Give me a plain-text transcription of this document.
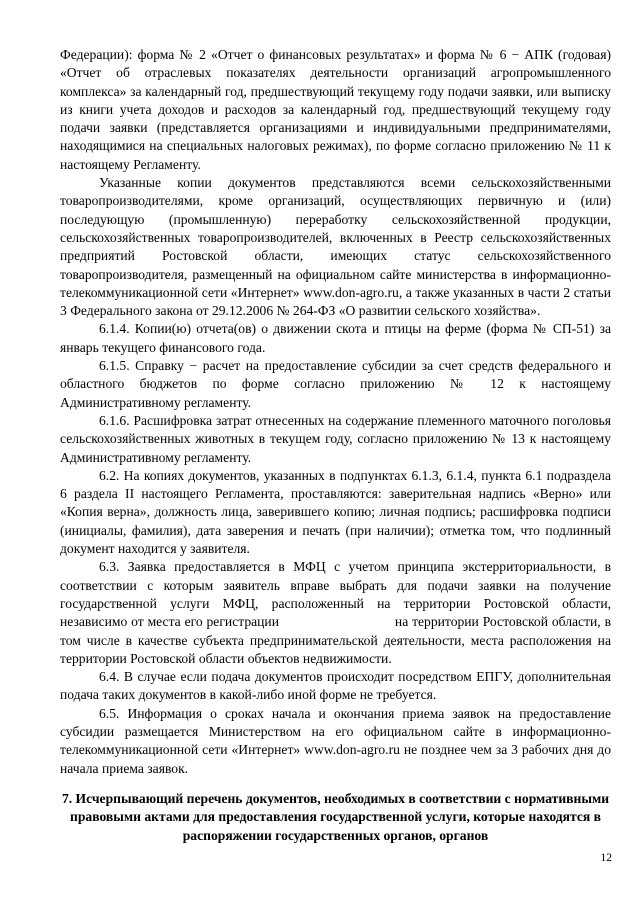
Федерации): форма № 2 «Отчет о финансовых результатах» и форма № 6 − АПК (годовая) «Отчет об отраслевых показателях деятельности организаций агропромышленного комплекса» за календарный год, предшествующий текущему году подачи заявки, или выписку из книги учета доходов и расходов за календарный год, предшествующий текущему году подачи заявки (представляется организациями и индивидуальными предпринимателями, находящимися на специальных налоговых режимах), по форме согласно приложению № 11 к настоящему Регламенту.

Указанные копии документов представляются всеми сельскохозяйственными товаропроизводителями, кроме организаций, осуществляющих первичную и (или) последующую (промышленную) переработку сельскохозяйственной продукции, сельскохозяйственных товаропроизводителей, включенных в Реестр сельскохозяйственных предприятий Ростовской области, имеющих статус сельскохозяйственного товаропроизводителя, размещенный на официальном сайте министерства в информационно-телекоммуникационной сети «Интернет» www.don-agro.ru, а также указанных в части 2 статьи 3 Федерального закона от 29.12.2006 № 264-ФЗ «О развитии сельского хозяйства».

6.1.4. Копии(ю) отчета(ов) о движении скота и птицы на ферме (форма № СП-51) за январь текущего финансового года.

6.1.5. Справку − расчет на предоставление субсидии за счет средств федерального и областного бюджетов по форме согласно приложению № 12 к настоящему Административному регламенту.

6.1.6. Расшифровка затрат отнесенных на содержание племенного маточного поголовья сельскохозяйственных животных в текущем году, согласно приложению № 13 к настоящему Административному регламенту.

6.2. На копиях документов, указанных в подпунктах 6.1.3, 6.1.4, пункта 6.1 подраздела 6 раздела II настоящего Регламента, проставляются: заверительная надпись «Верно» или «Копия верна», должность лица, заверившего копию; личная подпись; расшифровка подписи (инициалы, фамилия), дата заверения и печать (при наличии); отметка том, что подлинный документ находится у заявителя.

6.3. Заявка предоставляется в МФЦ с учетом принципа экстерриториальности, в соответствии с которым заявитель вправе выбрать для подачи заявки на получение государственной услуги МФЦ, расположенный на территории Ростовской области, независимо от места его регистрации                              на территории Ростовской области, в том числе в качестве субъекта предпринимательской деятельности, места расположения на территории Ростовской области объектов недвижимости.

6.4. В случае если подача документов происходит посредством ЕПГУ, дополнительная подача таких документов в какой-либо иной форме не требуется.

6.5. Информация о сроках начала и окончания приема заявок на предоставление субсидии размещается Министерством на его официальном сайте в информационно-телекоммуникационной сети «Интернет» www.don-agro.ru не позднее чем за 3 рабочих дня до начала приема заявок.

7. Исчерпывающий перечень документов, необходимых в соответствии с нормативными правовыми актами для предоставления государственной услуги, которые находятся в распоряжении государственных органов, органов

12
